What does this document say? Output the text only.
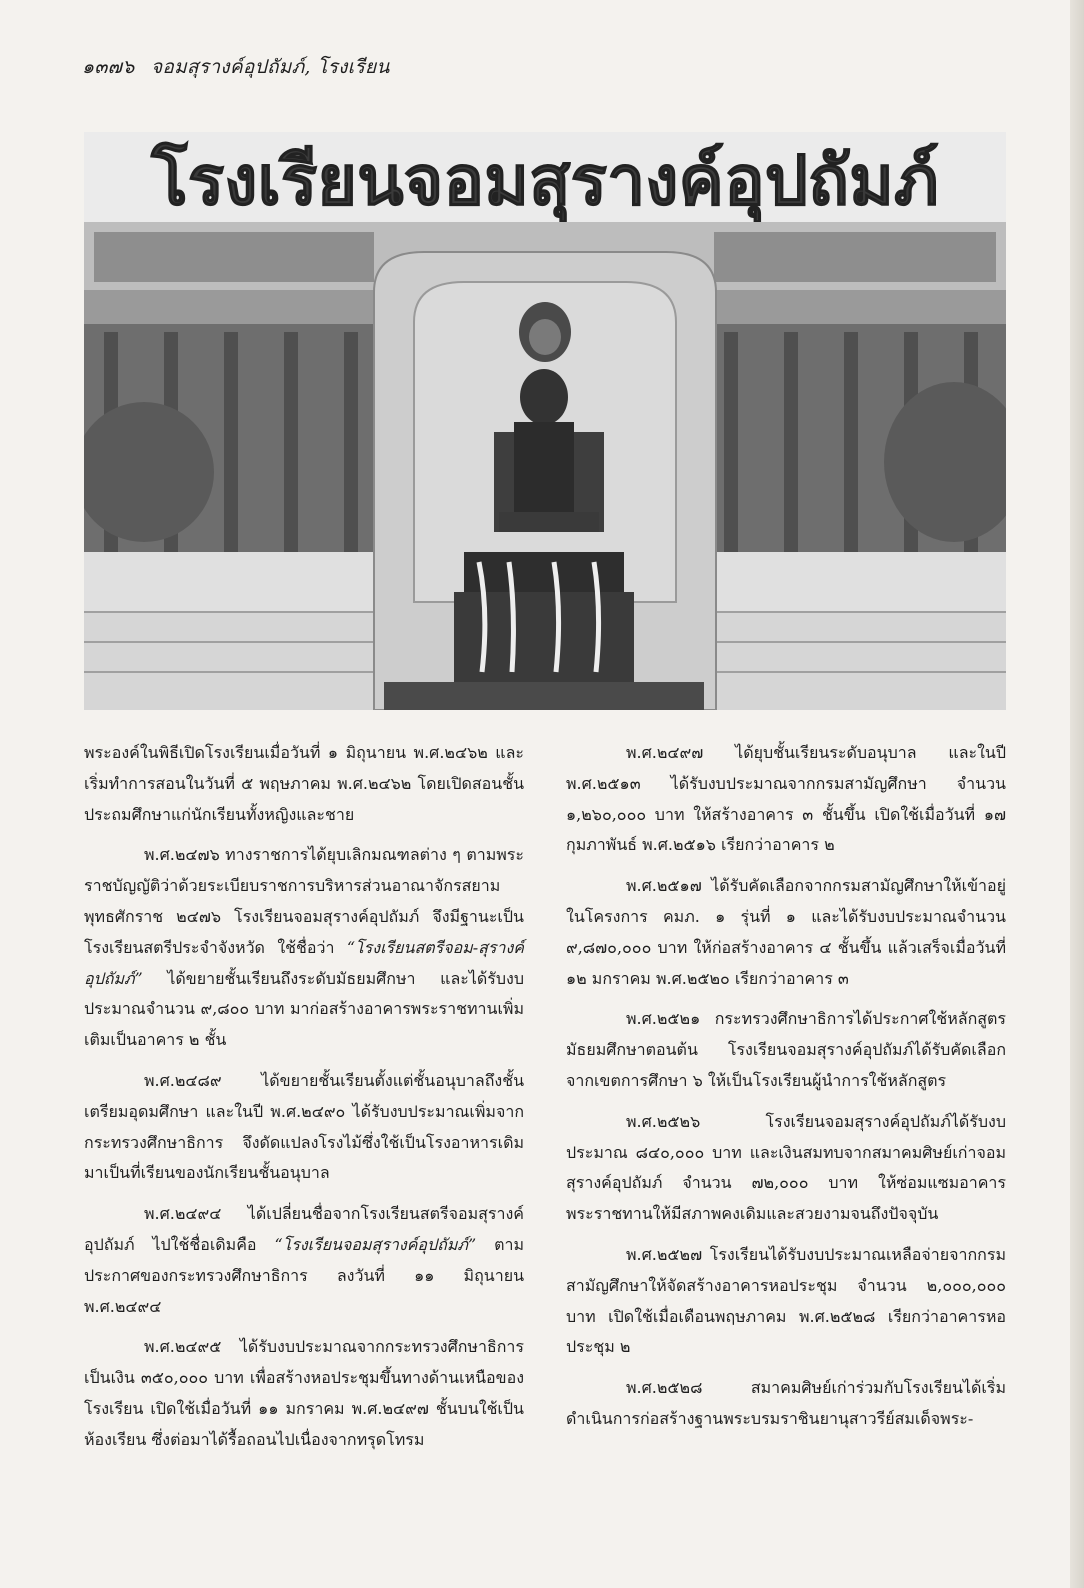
๑๓๗๖ จอมสุรางค์อุปถัมภ์, โรงเรียน
โรงเรียนจอมสุรางค์อุปถัมภ์

พระองค์ในพิธีเปิดโรงเรียนเมื่อวันที่ ๑ มิถุนายน พ.ศ.๒๔๖๒ และเริ่มทำการสอนในวันที่ ๕ พฤษภาคม พ.ศ.๒๔๖๒ โดยเปิดสอนชั้นประถมศึกษาแก่นักเรียนทั้งหญิงและชาย

พ.ศ.๒๔๗๖ ทางราชการได้ยุบเลิกมณฑลต่าง ๆ ตามพระราชบัญญัติว่าด้วยระเบียบราชการบริหารส่วนอาณาจักรสยาม พุทธศักราช ๒๔๗๖ โรงเรียนจอมสุรางค์อุปถัมภ์ จึงมีฐานะเป็นโรงเรียนสตรีประจำจังหวัด ใช้ชื่อว่า “โรงเรียนสตรีจอม-สุรางค์อุปถัมภ์” ได้ขยายชั้นเรียนถึงระดับมัธยมศึกษา และได้รับงบประมาณจำนวน ๙,๘๐๐ บาท มาก่อสร้างอาคารพระราชทานเพิ่มเติมเป็นอาคาร ๒ ชั้น

พ.ศ.๒๔๘๙ ได้ขยายชั้นเรียนตั้งแต่ชั้นอนุบาลถึงชั้นเตรียมอุดมศึกษา และในปี พ.ศ.๒๔๙๐ ได้รับงบประมาณเพิ่มจากกระทรวงศึกษาธิการ จึงดัดแปลงโรงไม้ซึ่งใช้เป็นโรงอาหารเดิมมาเป็นที่เรียนของนักเรียนชั้นอนุบาล

พ.ศ.๒๔๙๔ ได้เปลี่ยนชื่อจากโรงเรียนสตรีจอมสุรางค์อุปถัมภ์ ไปใช้ชื่อเดิมคือ “โรงเรียนจอมสุรางค์อุปถัมภ์” ตามประกาศของกระทรวงศึกษาธิการ ลงวันที่ ๑๑ มิถุนายน พ.ศ.๒๔๙๔

พ.ศ.๒๔๙๕ ได้รับงบประมาณจากกระทรวงศึกษาธิการเป็นเงิน ๓๕๐,๐๐๐ บาท เพื่อสร้างหอประชุมขึ้นทางด้านเหนือของโรงเรียน เปิดใช้เมื่อวันที่ ๑๑ มกราคม พ.ศ.๒๔๙๗ ชั้นบนใช้เป็นห้องเรียน ซึ่งต่อมาได้รื้อถอนไปเนื่องจากทรุดโทรม

พ.ศ.๒๔๙๗ ได้ยุบชั้นเรียนระดับอนุบาล และในปี พ.ศ.๒๕๑๓ ได้รับงบประมาณจากกรมสามัญศึกษา จำนวน ๑,๒๖๐,๐๐๐ บาท ให้สร้างอาคาร ๓ ชั้นขึ้น เปิดใช้เมื่อวันที่ ๑๗ กุมภาพันธ์ พ.ศ.๒๕๑๖ เรียกว่าอาคาร ๒

พ.ศ.๒๕๑๗ ได้รับคัดเลือกจากกรมสามัญศึกษาให้เข้าอยู่ในโครงการ คมภ. ๑ รุ่นที่ ๑ และได้รับงบประมาณจำนวน ๙,๘๗๐,๐๐๐ บาท ให้ก่อสร้างอาคาร ๔ ชั้นขึ้น แล้วเสร็จเมื่อวันที่ ๑๒ มกราคม พ.ศ.๒๕๒๐ เรียกว่าอาคาร ๓

พ.ศ.๒๕๒๑ กระทรวงศึกษาธิการได้ประกาศใช้หลักสูตรมัธยมศึกษาตอนต้น โรงเรียนจอมสุรางค์อุปถัมภ์ได้รับคัดเลือกจากเขตการศึกษา ๖ ให้เป็นโรงเรียนผู้นำการใช้หลักสูตร

พ.ศ.๒๕๒๖ โรงเรียนจอมสุรางค์อุปถัมภ์ได้รับงบประมาณ ๘๔๐,๐๐๐ บาท และเงินสมทบจากสมาคมศิษย์เก่าจอมสุรางค์อุปถัมภ์ จำนวน ๗๒,๐๐๐ บาท ให้ซ่อมแซมอาคารพระราชทานให้มีสภาพคงเดิมและสวยงามจนถึงปัจจุบัน

พ.ศ.๒๕๒๗ โรงเรียนได้รับงบประมาณเหลือจ่ายจากกรมสามัญศึกษาให้จัดสร้างอาคารหอประชุม จำนวน ๒,๐๐๐,๐๐๐ บาท เปิดใช้เมื่อเดือนพฤษภาคม พ.ศ.๒๕๒๘ เรียกว่าอาคารหอประชุม ๒

พ.ศ.๒๕๒๘ สมาคมศิษย์เก่าร่วมกับโรงเรียนได้เริ่มดำเนินการก่อสร้างฐานพระบรมราชินยานุสาวรีย์สมเด็จพระ-
